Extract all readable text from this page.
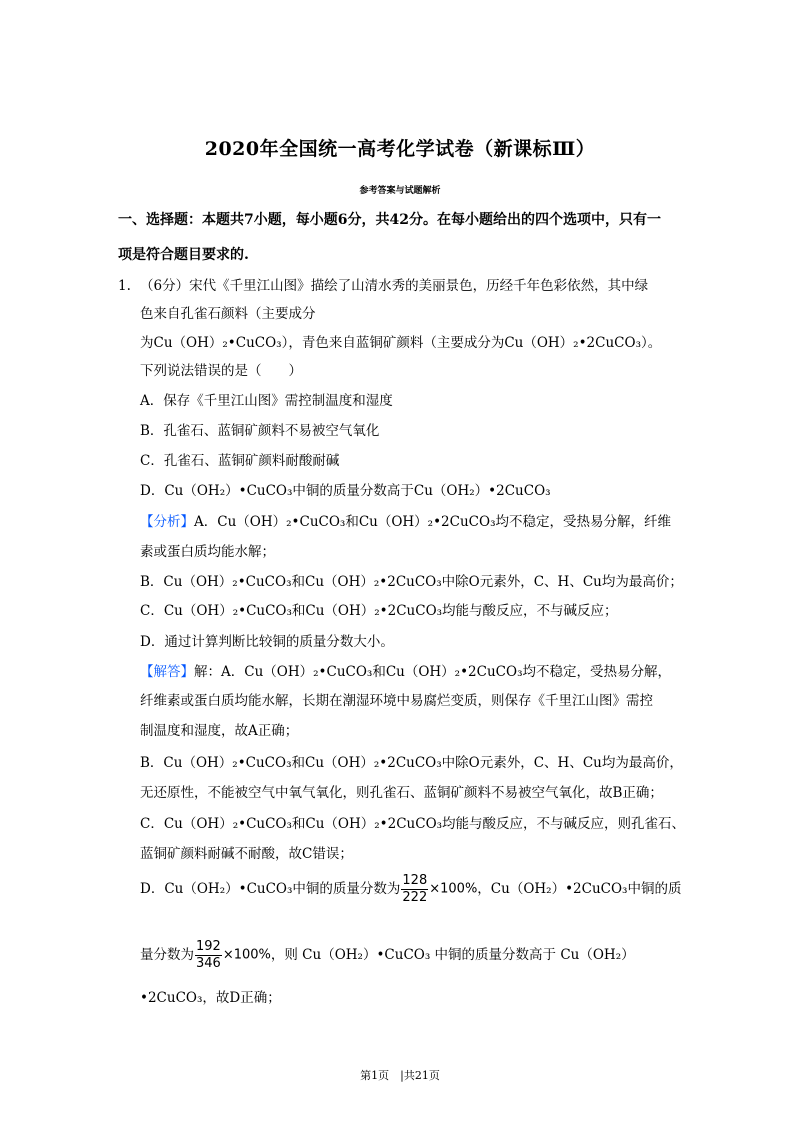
2020年全国统一高考化学试卷（新课标Ⅲ）
参考答案与试题解析
一、选择题：本题共7小题，每小题6分，共42分。在每小题给出的四个选项中，只有一
项是符合题目要求的.
1. （6分）宋代《千里江山图》描绘了山清水秀的美丽景色，历经千年色彩依然，其中绿
色来自孔雀石颜料（主要成分
为Cu（OH）₂•CuCO₃），青色来自蓝铜矿颜料（主要成分为Cu（OH）₂•2CuCO₃）。
下列说法错误的是（　　）
A．保存《千里江山图》需控制温度和湿度
B．孔雀石、蓝铜矿颜料不易被空气氧化
C．孔雀石、蓝铜矿颜料耐酸耐碱
D．Cu（OH₂）•CuCO₃中铜的质量分数高于Cu（OH₂）•2CuCO₃
【分析】A．Cu（OH）₂•CuCO₃和Cu（OH）₂•2CuCO₃均不稳定，受热易分解，纤维
素或蛋白质均能水解；
B．Cu（OH）₂•CuCO₃和Cu（OH）₂•2CuCO₃中除O元素外，C、H、Cu均为最高价；
C．Cu（OH）₂•CuCO₃和Cu（OH）₂•2CuCO₃均能与酸反应，不与碱反应；
D．通过计算判断比较铜的质量分数大小。
【解答】解：A．Cu（OH）₂•CuCO₃和Cu（OH）₂•2CuCO₃均不稳定，受热易分解，
纤维素或蛋白质均能水解，长期在潮湿环境中易腐烂变质，则保存《千里江山图》需控
制温度和湿度，故A正确；
B．Cu（OH）₂•CuCO₃和Cu（OH）₂•2CuCO₃中除O元素外，C、H、Cu均为最高价，
无还原性，不能被空气中氧气氧化，则孔雀石、蓝铜矿颜料不易被空气氧化，故B正确；
C．Cu（OH）₂•CuCO₃和Cu（OH）₂•2CuCO₃均能与酸反应，不与碱反应，则孔雀石、
蓝铜矿颜料耐碱不耐酸，故C错误；
D．Cu（OH₂）•CuCO₃中铜的质量分数为 $\frac{128}{222} \times 100\%$，Cu（OH₂）•2CuCO₃中铜的质
量分数为 $\frac{192}{346} \times 100\%$，则 Cu（OH₂）•CuCO₃ 中铜的质量分数高于 Cu（OH₂）
•2CuCO₃，故D正确；
第1页　|共21页
